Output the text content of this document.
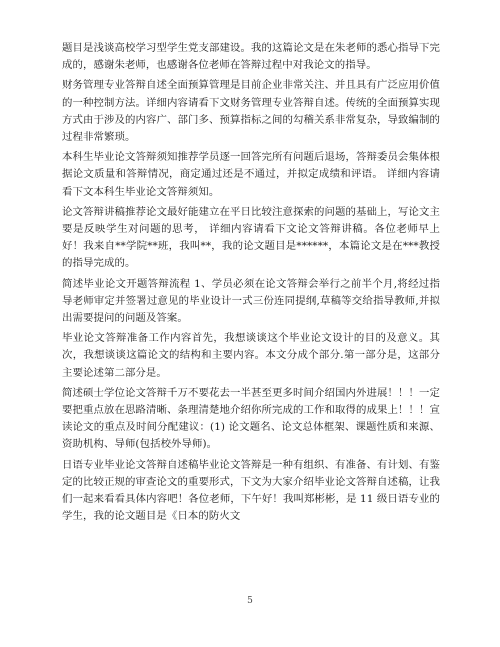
题目是浅谈高校学习型学生党支部建设。我的这篇论文是在朱老师的悉心指导下完成的，感谢朱老师，也感谢各位老师在答辩过程中对我论文的指导。

财务管理专业答辩自述全面预算管理是目前企业非常关注、并且具有广泛应用价值的一种控制方法。详细内容请看下文财务管理专业答辩自述。传统的全面预算实现方式由于涉及的内容广、部门多、预算指标之间的勾稽关系非常复杂，导致编制的过程非常繁琐。

本科生毕业论文答辩须知推荐学员逐一回答完所有问题后退场，答辩委员会集体根据论文质量和答辩情况，商定通过还是不通过，并拟定成绩和评语。 详细内容请看下文本科生毕业论文答辩须知。

论文答辩讲稿推荐论文最好能建立在平日比较注意探索的问题的基础上，写论文主要是反映学生对问题的思考， 详细内容请看下文论文答辩讲稿。各位老师早上好！我来自**学院**班，我叫**，我的论文题目是******，本篇论文是在***教授的指导完成的。

简述毕业论文开题答辩流程 1、学员必须在论文答辩会举行之前半个月,将经过指导老师审定并签署过意见的毕业设计一式三份连同提纲,草稿等交给指导教师,并拟出需要提问的问题及答案。

毕业论文答辩准备工作内容首先，我想谈谈这个毕业论文设计的目的及意义。其次，我想谈谈这篇论文的结构和主要内容。本文分成个部分.第一部分是，这部分主要论述第二部分是。

简述硕士学位论文答辩千万不要花去一半甚至更多时间介绍国内外进展！！！一定要把重点放在思路清晰、条理清楚地介绍你所完成的工作和取得的成果上！！！宣读论文的重点及时间分配建议：(1) 论文题名、论文总体框架、课题性质和来源、资助机构、导师(包括校外导师)。

日语专业毕业论文答辩自述稿毕业论文答辩是一种有组织、有准备、有计划、有鉴定的比较正规的审查论文的重要形式，下文为大家介绍毕业论文答辩自述稿，让我们一起来看看具体内容吧！各位老师，下午好！我叫郑彬彬，是 11 级日语专业的学生，我的论文题目是《日本的防火文

5
